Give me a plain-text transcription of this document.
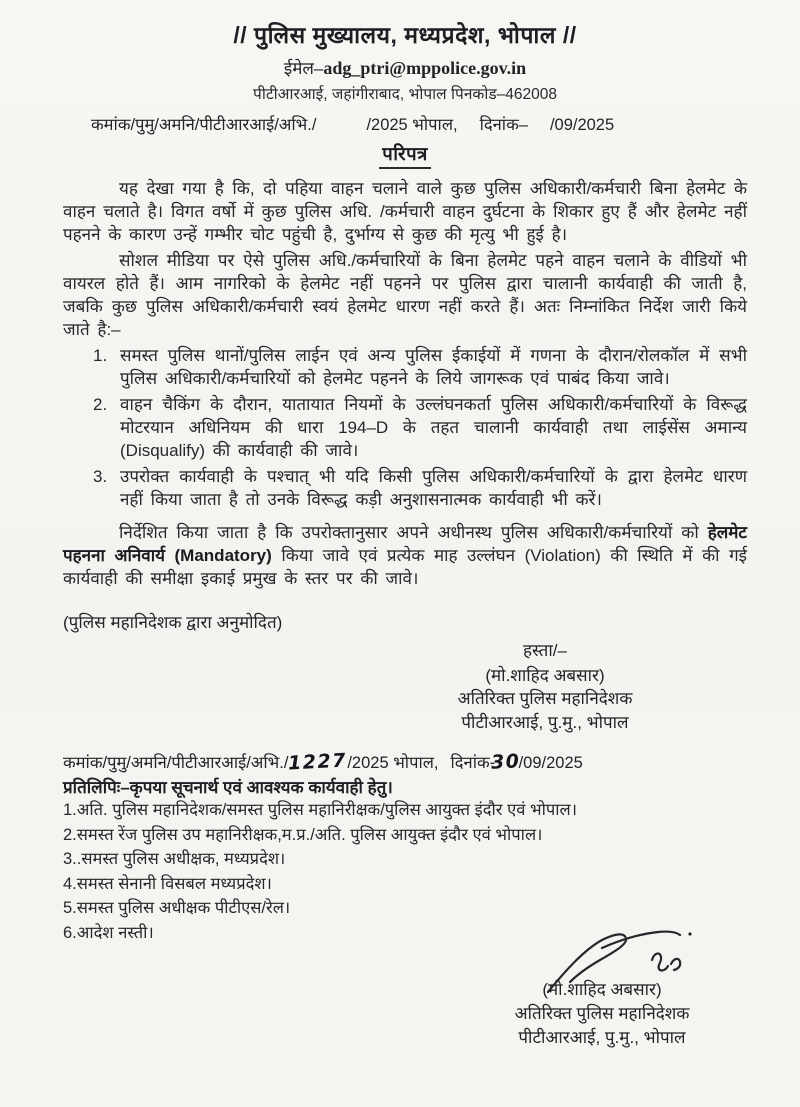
// पुलिस मुख्यालय, मध्यप्रदेश, भोपाल //
ईमेल–adg_ptri@mppolice.gov.in
पीटीआरआई, जहांगीराबाद, भोपाल पिनकोड–462008
कमांक/पुमु/अमनि/पीटीआरआई/अभि./	/2025 भोपाल, दिनांक– /09/2025
परिपत्र

यह देखा गया है कि, दो पहिया वाहन चलाने वाले कुछ पुलिस अधिकारी/कर्मचारी बिना हेलमेट के वाहन चलाते है। विगत वर्षो में कुछ पुलिस अधि. /कर्मचारी वाहन दुर्घटना के शिकार हुए हैं और हेलमेट नहीं पहनने के कारण उन्हें गम्भीर चोट पहुंची है, दुर्भाग्य से कुछ की मृत्यु भी हुई है।

सोशल मीडिया पर ऐसे पुलिस अधि./कर्मचारियों के बिना हेलमेट पहने वाहन चलाने के वीडियों भी वायरल होते हैं। आम नागरिको के हेलमेट नहीं पहनने पर पुलिस द्वारा चालानी कार्यवाही की जाती है, जबकि कुछ पुलिस अधिकारी/कर्मचारी स्वयं हेलमेट धारण नहीं करते हैं। अतः निम्नांकित निर्देश जारी किये जाते है:–

1. समस्त पुलिस थानों/पुलिस लाईन एवं अन्य पुलिस ईकाईयों में गणना के दौरान/रोलकॉल में सभी पुलिस अधिकारी/कर्मचारियों को हेलमेट पहनने के लिये जागरूक एवं पाबंद किया जावे।
2. वाहन चैकिंग के दौरान, यातायात नियमों के उल्लंघनकर्ता पुलिस अधिकारी/कर्मचारियों के विरूद्ध मोटरयान अधिनियम की धारा 194–D के तहत चालानी कार्यवाही तथा लाईसेंस अमान्य (Disqualify) की कार्यवाही की जावे।
3. उपरोक्त कार्यवाही के पश्चात् भी यदि किसी पुलिस अधिकारी/कर्मचारियों के द्वारा हेलमेट धारण नहीं किया जाता है तो उनके विरूद्ध कड़ी अनुशासनात्मक कार्यवाही भी करें।

निर्देशित किया जाता है कि उपरोक्तानुसार अपने अधीनस्थ पुलिस अधिकारी/कर्मचारियों को हेलमेट पहनना अनिवार्य (Mandatory) किया जावे एवं प्रत्येक माह उल्लंघन (Violation) की स्थिति में की गई कार्यवाही की समीक्षा इकाई प्रमुख के स्तर पर की जावे।

(पुलिस महानिदेशक द्वारा अनुमोदित)
हस्ता/–
(मो.शाहिद अबसार)
अतिरिक्त पुलिस महानिदेशक
पीटीआरआई, पु.मु., भोपाल
कमांक/पुमु/अमनि/पीटीआरआई/अभि./1227/2025 भोपाल, दिनांक-30/09/2025
प्रतिलिपिः–कृपया सूचनार्थ एवं आवश्यक कार्यवाही हेतु।
1.अति. पुलिस महानिदेशक/समस्त पुलिस महानिरीक्षक/पुलिस आयुक्त इंदौर एवं भोपाल।
2.समस्त रेंज पुलिस उप महानिरीक्षक,म.प्र./अति. पुलिस आयुक्त इंदौर एवं भोपाल।
3..समस्त पुलिस अधीक्षक, मध्यप्रदेश।
4.समस्त सेनानी विसबल मध्यप्रदेश।
5.समस्त पुलिस अधीक्षक पीटीएस/रेल।
6.आदेश नस्ती।
(मो.शाहिद अबसार)
अतिरिक्त पुलिस महानिदेशक
पीटीआरआई, पु.मु., भोपाल
